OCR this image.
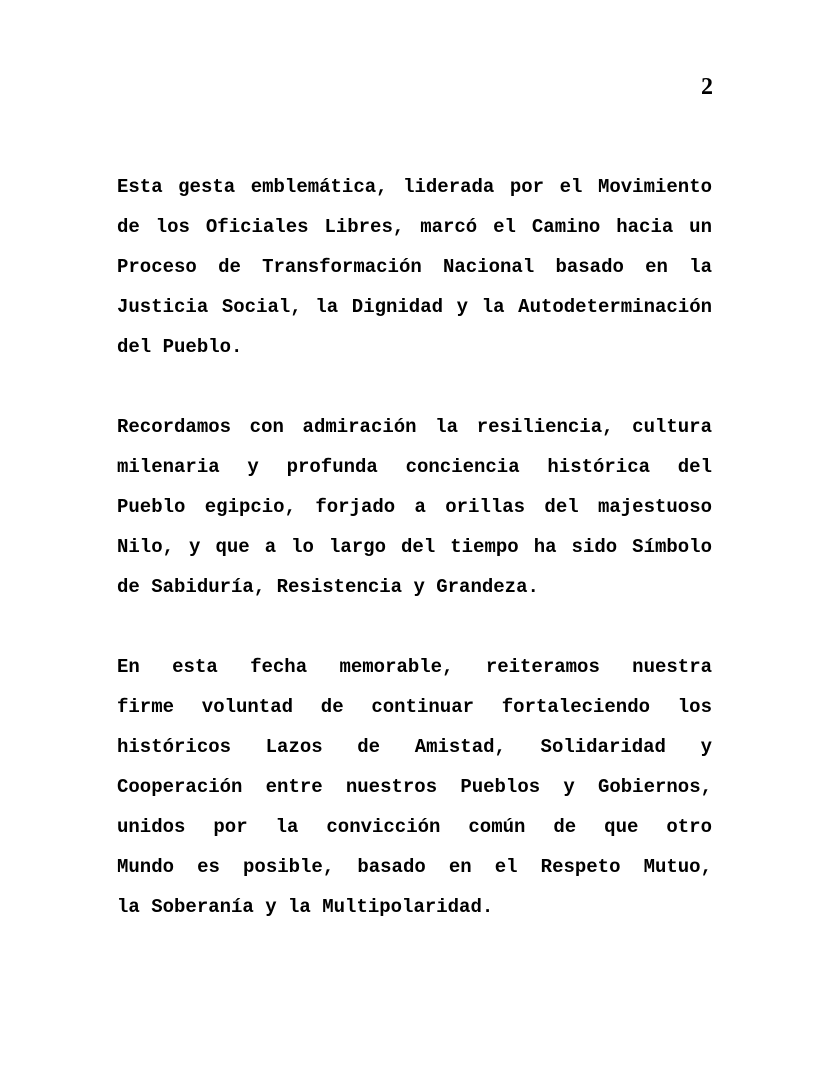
2
Esta gesta emblemática, liderada por el Movimiento
de los Oficiales Libres, marcó el Camino hacia un
Proceso de Transformación Nacional basado en la
Justicia Social, la Dignidad y la Autodeterminación
del Pueblo.
Recordamos con admiración la resiliencia, cultura
milenaria y profunda conciencia histórica del
Pueblo egipcio, forjado a orillas del majestuoso
Nilo, y que a lo largo del tiempo ha sido Símbolo
de Sabiduría, Resistencia y Grandeza.
En esta fecha memorable, reiteramos nuestra
firme voluntad de continuar fortaleciendo los
históricos Lazos de Amistad, Solidaridad y
Cooperación entre nuestros Pueblos y Gobiernos,
unidos por la convicción común de que otro
Mundo es posible, basado en el Respeto Mutuo,
la Soberanía y la Multipolaridad.
